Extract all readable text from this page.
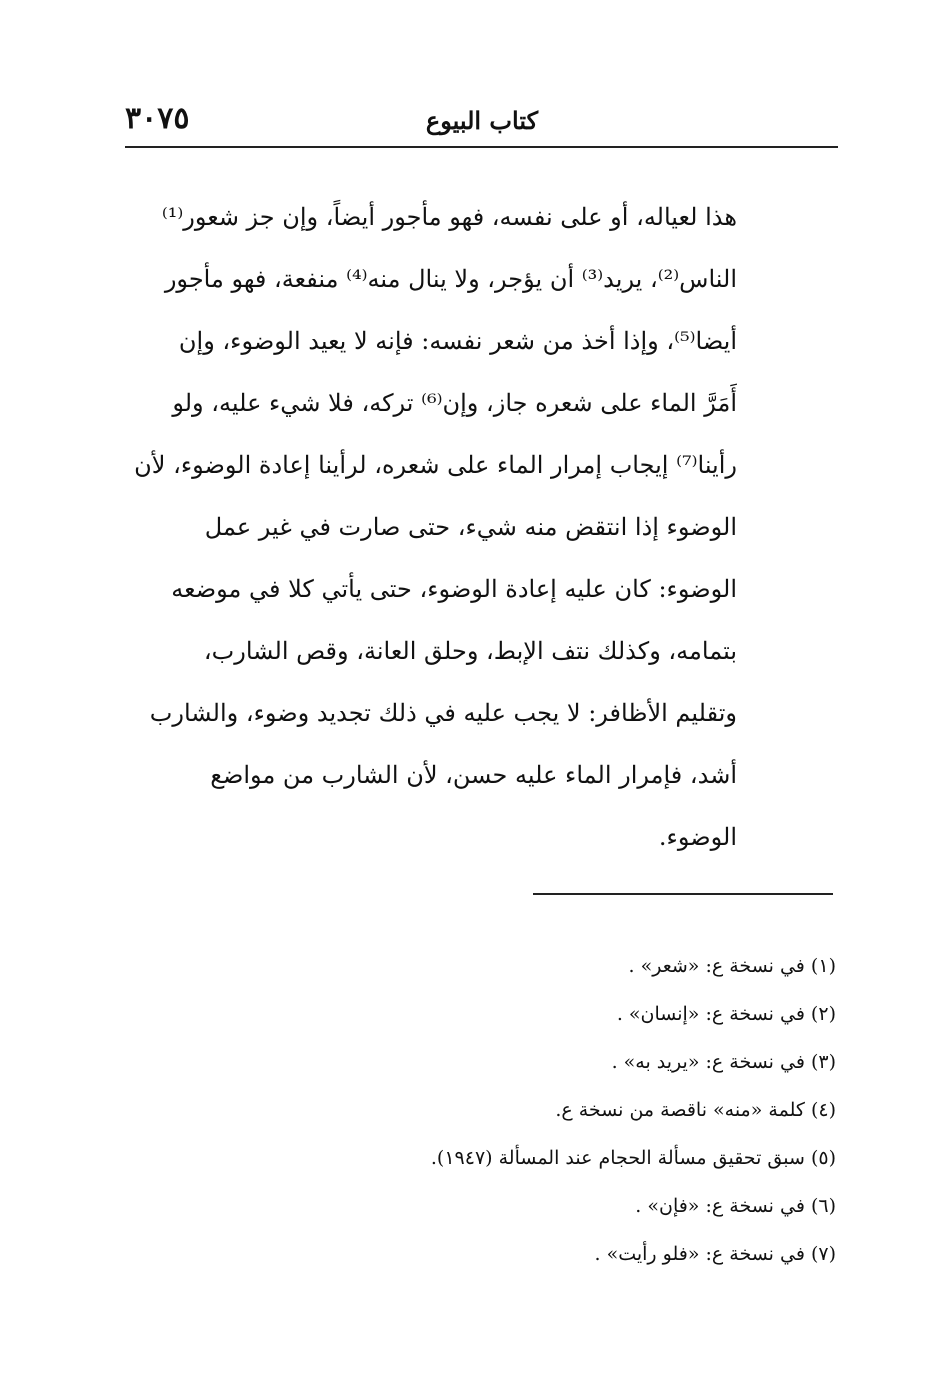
كتاب البيوع
٣٠٧٥
هذا لعياله، أو على نفسه، فهو مأجور أيضاً، وإن جز شعور⁽¹⁾
الناس⁽²⁾، يريد⁽³⁾ أن يؤجر، ولا ينال منه⁽⁴⁾ منفعة، فهو مأجور
أيضا⁽⁵⁾، وإذا أخذ من شعر نفسه: فإنه لا يعيد الوضوء، وإن
أَمَرَّ الماء على شعره جاز، وإن⁽⁶⁾ تركه، فلا شيء عليه، ولو
رأينا⁽⁷⁾ إيجاب إمرار الماء على شعره، لرأينا إعادة الوضوء، لأن
الوضوء إذا انتقض منه شيء، حتى صارت في غير عمل
الوضوء: كان عليه إعادة الوضوء، حتى يأتي كلا في موضعه
بتمامه، وكذلك نتف الإبط، وحلق العانة، وقص الشارب،
وتقليم الأظافر: لا يجب عليه في ذلك تجديد وضوء، والشارب
أشد، فإمرار الماء عليه حسن، لأن الشارب من مواضع
الوضوء.
(١) في نسخة ع: «شعر» .
(٢) في نسخة ع: «إنسان» .
(٣) في نسخة ع: «يريد به» .
(٤) كلمة «منه» ناقصة من نسخة ع.
(٥) سبق تحقيق مسألة الحجام عند المسألة (١٩٤٧).
(٦) في نسخة ع: «فإن» .
(٧) في نسخة ع: «فلو رأيت» .
